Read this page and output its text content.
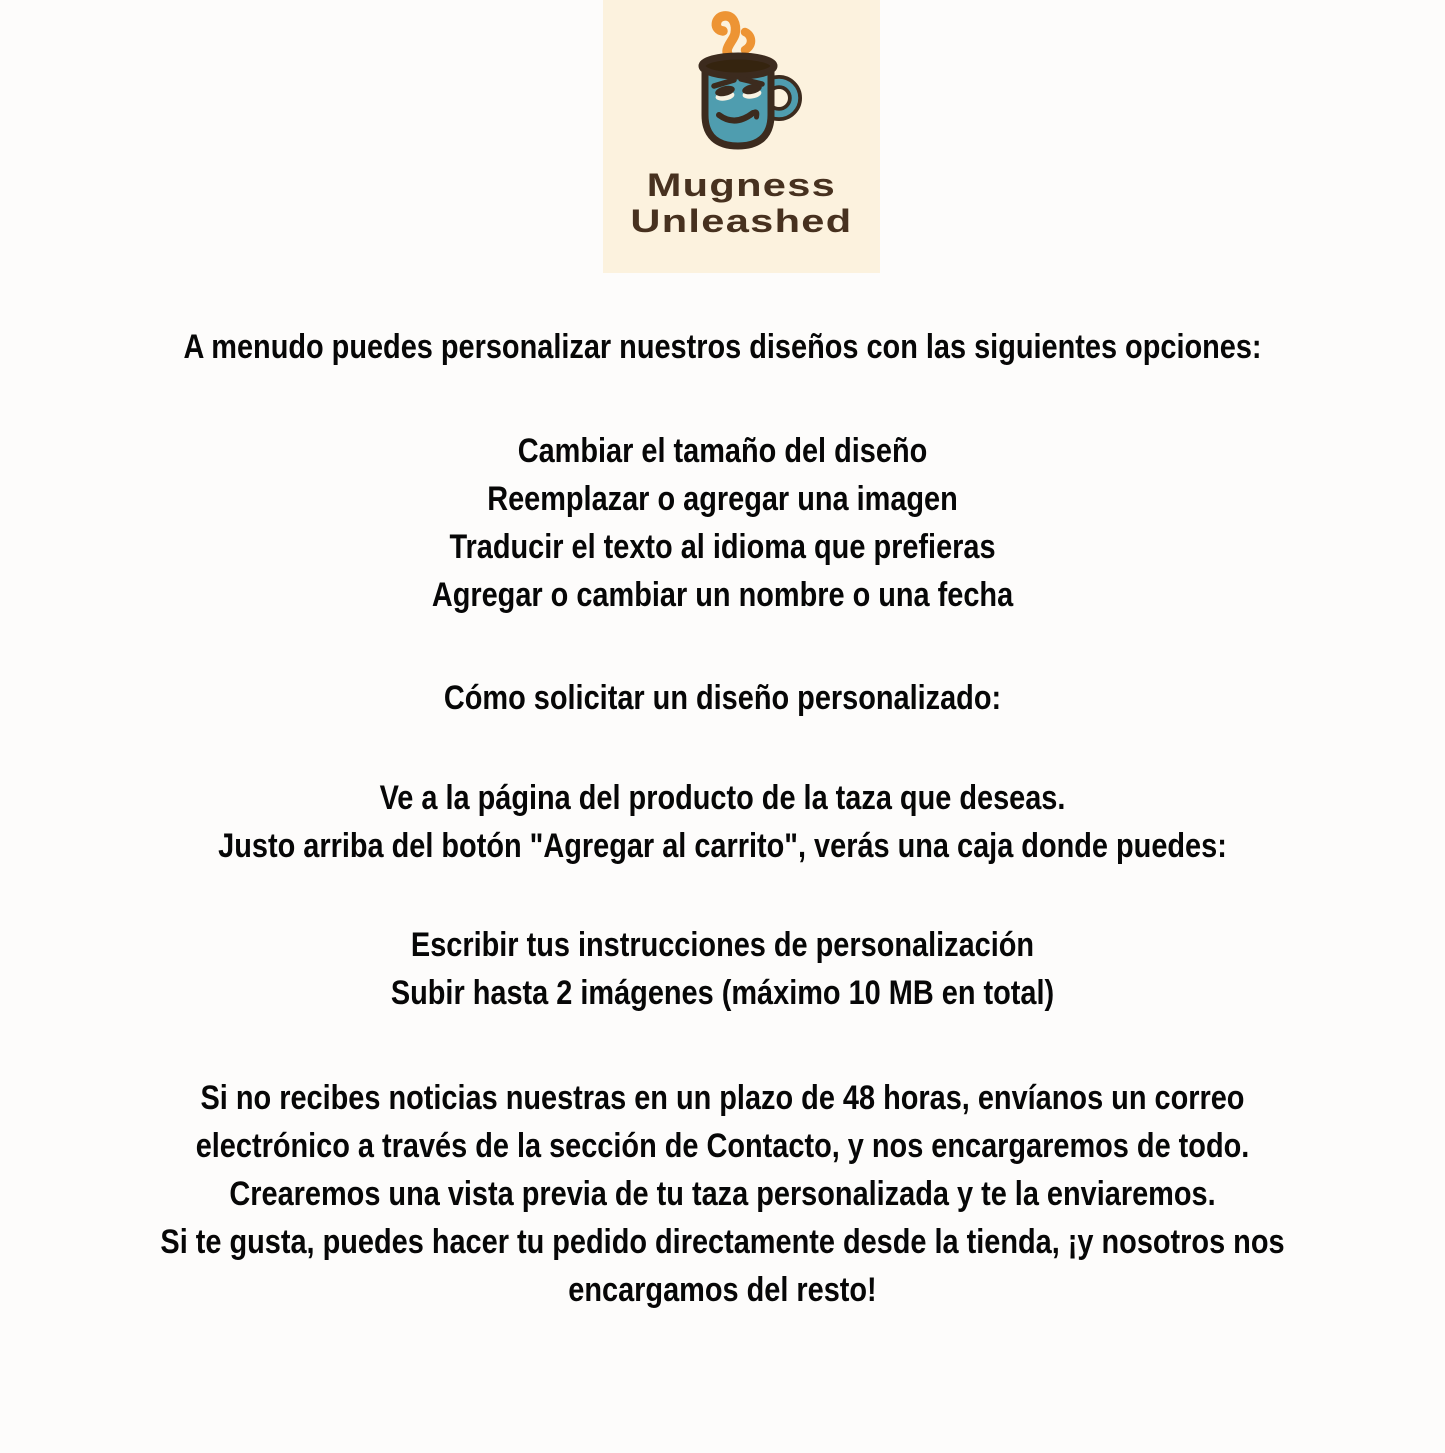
Mugness
Unleashed
A menudo puedes personalizar nuestros diseños con las siguientes opciones:
Cambiar el tamaño del diseño
Reemplazar o agregar una imagen
Traducir el texto al idioma que prefieras
Agregar o cambiar un nombre o una fecha
Cómo solicitar un diseño personalizado:
Ve a la página del producto de la taza que deseas.
Justo arriba del botón "Agregar al carrito", verás una caja donde puedes:
Escribir tus instrucciones de personalización
Subir hasta 2 imágenes (máximo 10 MB en total)
Si no recibes noticias nuestras en un plazo de 48 horas, envíanos un correo
electrónico a través de la sección de Contacto, y nos encargaremos de todo.
Crearemos una vista previa de tu taza personalizada y te la enviaremos.
Si te gusta, puedes hacer tu pedido directamente desde la tienda, ¡y nosotros nos
encargamos del resto!
